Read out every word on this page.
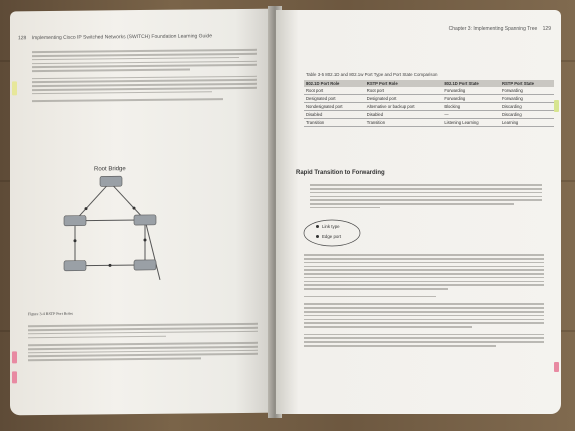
128 Implementing Cisco IP Switched Networks (SWITCH) Foundation Learning Guide
Root Bridge
Figure 3-4 RSTP Port Roles
Chapter 3: Implementing Spanning Tree 129
Table 3-5 802.1D and 802.1w Port Type and Port State Comparison
802.1D Port Role	RSTP Port Role	802.1D Port State	RSTP Port State
Root port	Root port	Forwarding	Forwarding
Designated port	Designated port	Forwarding	Forwarding
Nondesignated port	Alternative or backup port	Blocking	Discarding
Disabled	Disabled	—	Discarding
Transition	Transition	Listening Learning	Learning
Rapid Transition to Forwarding
Link type
Edge port
